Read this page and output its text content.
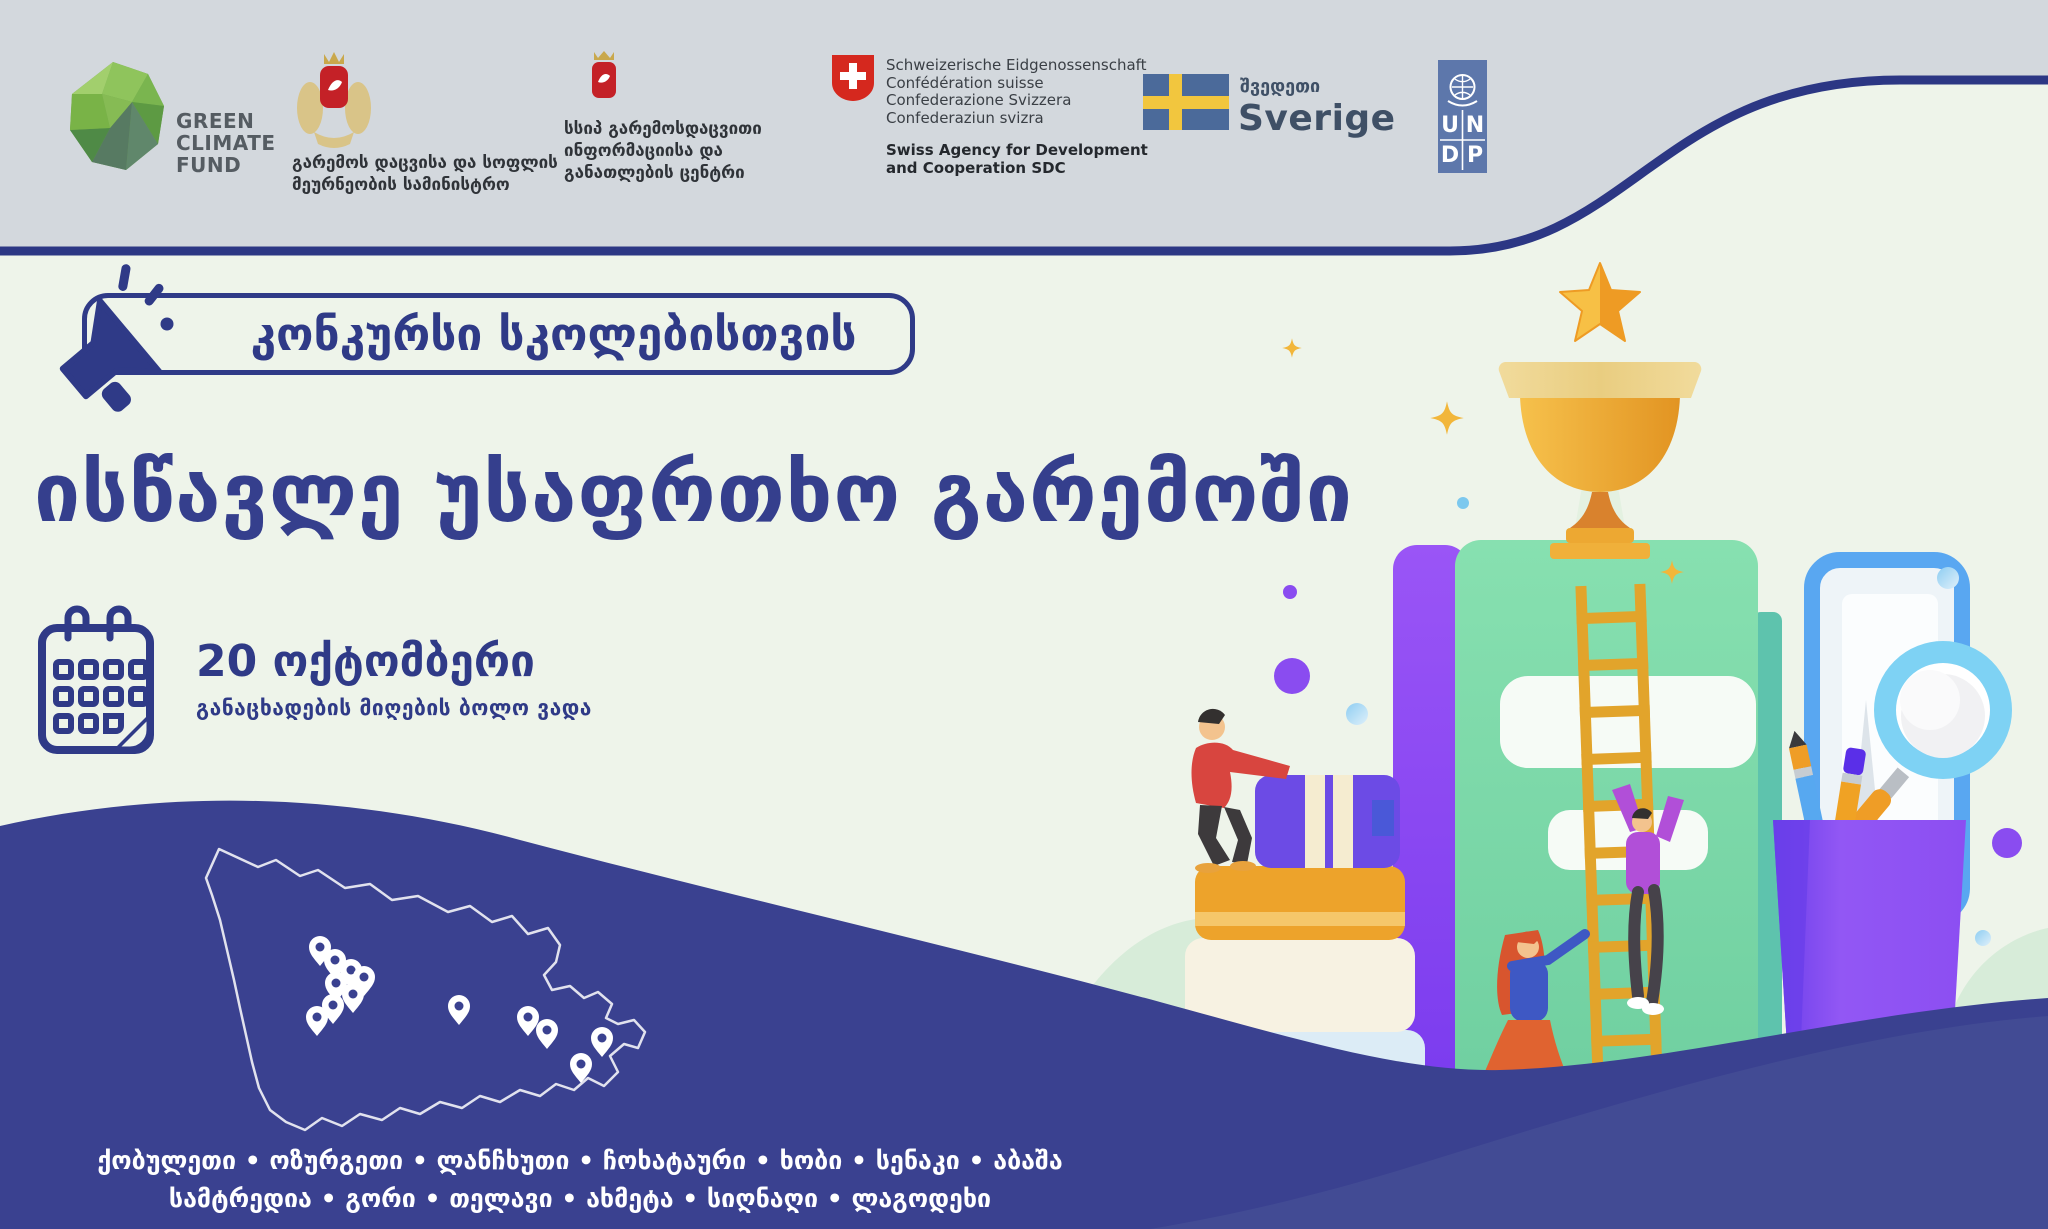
GREEN
CLIMATE
FUND	გარემოს დაცვისა და სოფლის
მეურნეობის სამინისტრო
სსიპ გარემოსდაცვითი
ინფორმაციისა და
განათლების ცენტრი
Schweizerische Eidgenossenschaft
Confédération suisse
Confederazione Svizzera
Confederaziun svizra
Swiss Agency for Development
and Cooperation SDC
შვედეთი
Sverige U N
D P
კონკურსი სკოლებისთვის
ისწავლე უსაფრთხო გარემოში
20 ოქტომბერი
განაცხადების მიღების ბოლო ვადა
ქობულეთი • ოზურგეთი • ლანჩხუთი • ჩოხატაური • ხობი • სენაკი • აბაშა
სამტრედია • გორი • თელავი • ახმეტა • სიღნაღი • ლაგოდეხი
